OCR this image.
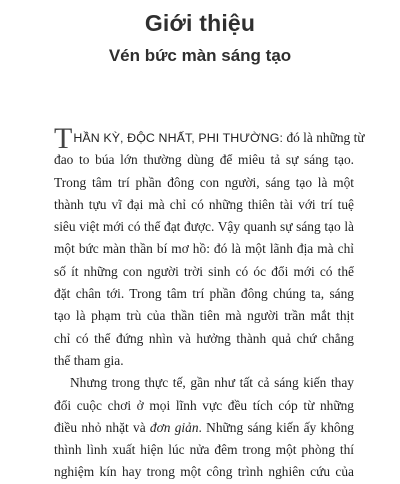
Giới thiệu
Vén bức màn sáng tạo
THẦN KỲ, ĐỘC NHẤT, PHI THƯỜNG: đó là những từ
đao to búa lớn thường dùng để miêu tả sự sáng tạo.
Trong tâm trí phần đông con người, sáng tạo là một
thành tựu vĩ đại mà chỉ có những thiên tài với trí tuệ
siêu việt mới có thể đạt được. Vậy quanh sự sáng tạo là
một bức màn thần bí mơ hồ: đó là một lãnh địa mà chỉ
số ít những con người trời sinh có óc đổi mới có thể
đặt chân tới. Trong tâm trí phần đông chúng ta, sáng
tạo là phạm trù của thần tiên mà người trần mắt thịt
chỉ có thể đứng nhìn và hưởng thành quả chứ chẳng
thể tham gia.
Nhưng trong thực tế, gần như tất cả sáng kiến thay
đổi cuộc chơi ở mọi lĩnh vực đều tích cóp từ những
điều nhỏ nhặt và đơn giản. Những sáng kiến ấy không
thình lình xuất hiện lúc nửa đêm trong một phòng thí
nghiệm kín hay trong một công trình nghiên cứu của
